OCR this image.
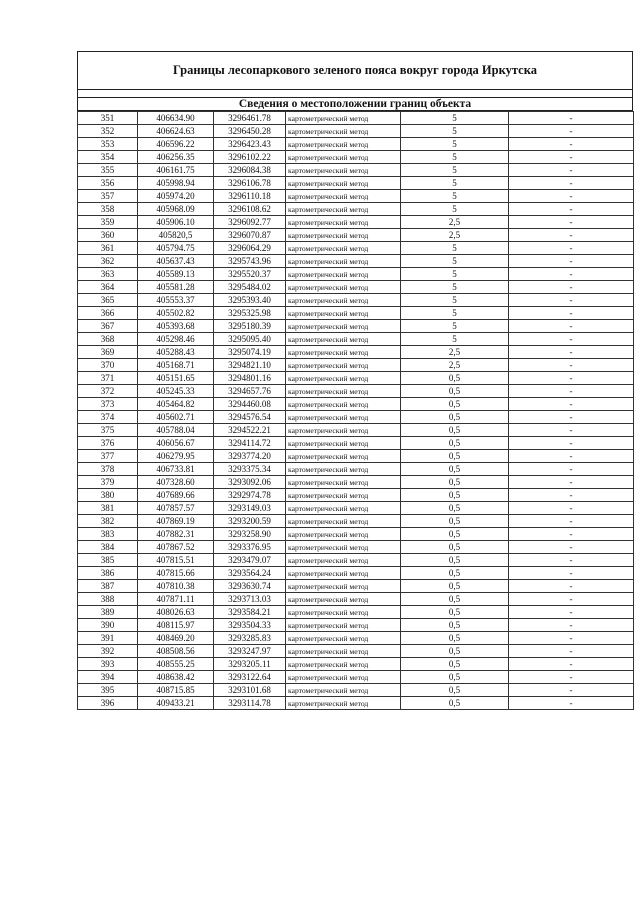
Границы лесопаркового зеленого пояса вокруг города Иркутска
Сведения о местоположении границ объекта
351	406634.90	3296461.78	картометрический метод	5	-
352	406624.63	3296450.28	картометрический метод	5	-
353	406596.22	3296423.43	картометрический метод	5	-
354	406256.35	3296102.22	картометрический метод	5	-
355	406161.75	3296084.38	картометрический метод	5	-
356	405998.94	3296106.78	картометрический метод	5	-
357	405974.20	3296110.18	картометрический метод	5	-
358	405968.09	3296108.62	картометрический метод	5	-
359	405906.10	3296092.77	картометрический метод	2,5	-
360	405820,5	3296070.87	картометрический метод	2,5	-
361	405794.75	3296064.29	картометрический метод	5	-
362	405637.43	3295743.96	картометрический метод	5	-
363	405589.13	3295520.37	картометрический метод	5	-
364	405581.28	3295484.02	картометрический метод	5	-
365	405553.37	3295393.40	картометрический метод	5	-
366	405502.82	3295325.98	картометрический метод	5	-
367	405393.68	3295180.39	картометрический метод	5	-
368	405298.46	3295095.40	картометрический метод	5	-
369	405288.43	3295074.19	картометрический метод	2,5	-
370	405168.71	3294821.10	картометрический метод	2,5	-
371	405151.65	3294801.16	картометрический метод	0,5	-
372	405245.33	3294657.76	картометрический метод	0,5	-
373	405464.82	3294460.08	картометрический метод	0,5	-
374	405602.71	3294576.54	картометрический метод	0,5	-
375	405788.04	3294522.21	картометрический метод	0,5	-
376	406056.67	3294114.72	картометрический метод	0,5	-
377	406279.95	3293774.20	картометрический метод	0,5	-
378	406733.81	3293375.34	картометрический метод	0,5	-
379	407328.60	3293092.06	картометрический метод	0,5	-
380	407689.66	3292974.78	картометрический метод	0,5	-
381	407857.57	3293149.03	картометрический метод	0,5	-
382	407869.19	3293200.59	картометрический метод	0,5	-
383	407882.31	3293258.90	картометрический метод	0,5	-
384	407867.52	3293376.95	картометрический метод	0,5	-
385	407815.51	3293479.07	картометрический метод	0,5	-
386	407815.66	3293564.24	картометрический метод	0,5	-
387	407810.38	3293630.74	картометрический метод	0,5	-
388	407871.11	3293713.03	картометрический метод	0,5	-
389	408026.63	3293584.21	картометрический метод	0,5	-
390	408115.97	3293504.33	картометрический метод	0,5	-
391	408469.20	3293285.83	картометрический метод	0,5	-
392	408508.56	3293247.97	картометрический метод	0,5	-
393	408555.25	3293205.11	картометрический метод	0,5	-
394	408638.42	3293122.64	картометрический метод	0,5	-
395	408715.85	3293101.68	картометрический метод	0,5	-
396	409433.21	3293114.78	картометрический метод	0,5	-
